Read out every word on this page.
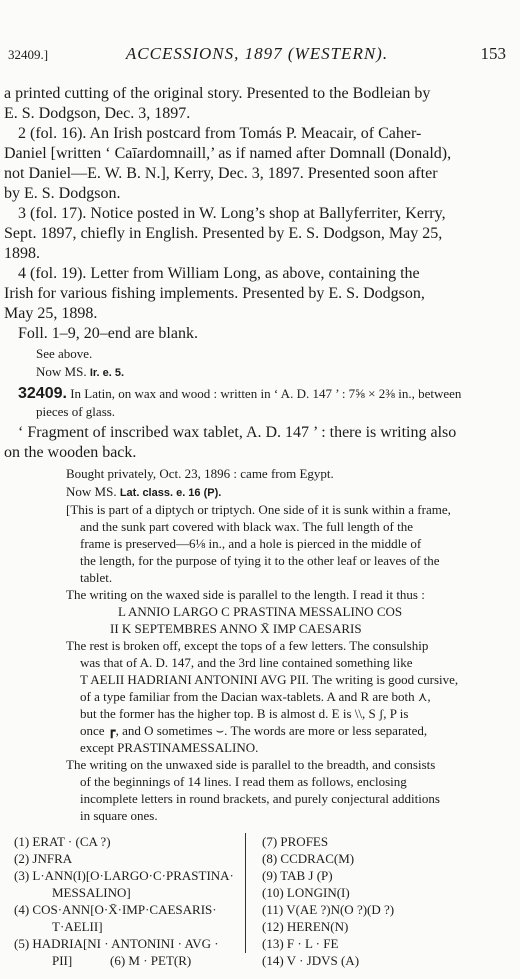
32409.]	ACCESSIONS, 1897 (WESTERN).	153
a printed cutting of the original story. Presented to the Bodleian by
E. S. Dodgson, Dec. 3, 1897.
2 (fol. 16). An Irish postcard from Tomás P. Meacair, of Caher-
Daniel [written ‘ Caīardomnaill,’ as if named after Domnall (Donald),
not Daniel—E. W. B. N.], Kerry, Dec. 3, 1897. Presented soon after
by E. S. Dodgson.
3 (fol. 17). Notice posted in W. Long’s shop at Ballyferriter, Kerry,
Sept. 1897, chiefly in English. Presented by E. S. Dodgson, May 25,
1898.
4 (fol. 19). Letter from William Long, as above, containing the
Irish for various fishing implements. Presented by E. S. Dodgson,
May 25, 1898.
Foll. 1–9, 20–end are blank.
See above.
Now MS. Ir. e. 5.
32409. In Latin, on wax and wood : written in ‘ A. D. 147 ’ : 7⅝ × 2⅜ in., between
pieces of glass.
‘ Fragment of inscribed wax tablet, A. D. 147 ’ : there is writing also
on the wooden back.
Bought privately, Oct. 23, 1896 : came from Egypt.
Now MS. Lat. class. e. 16 (P).
[This is part of a diptych or triptych. One side of it is sunk within a frame,
and the sunk part covered with black wax. The full length of the
frame is preserved—6⅛ in., and a hole is pierced in the middle of
the length, for the purpose of tying it to the other leaf or leaves of the
tablet.
The writing on the waxed side is parallel to the length. I read it thus :
L ANNIO LARGO C PRASTINA MESSALINO COS
II K SEPTEMBRES ANNO X̄ IMP CAESARIS
The rest is broken off, except the tops of a few letters. The consulship
was that of A. D. 147, and the 3rd line contained something like
T AELII HADRIANI ANTONINI AVG PII. The writing is good cursive,
of a type familiar from the Dacian wax-tablets. A and R are both ⋏,
but the former has the higher top. B is almost d. E is \\, S ʃ, P is
once ┏, and O sometimes ⌣. The words are more or less separated,
except PRASTINAMESSALINO.
The writing on the unwaxed side is parallel to the breadth, and consists
of the beginnings of 14 lines. I read them as follows, enclosing
incomplete letters in round brackets, and purely conjectural additions
in square ones.
(1) ERAT · (CA ?)
(2) JNFRA
(3) L·ANN(I)[O·LARGO·C·PRASTINA·
MESSALINO]
(4) COS·ANN[O·X̄·IMP·CAESARIS·
T·AELII]
(5) HADRIA[NI · ANTONINI · AVG ·
(7) PROFES
(8) CCDRAC(M)
(9) TAB J (P)
(10) LONGIN(I)
(11) V(AE ?)N(O ?)(D ?)
(12) HEREN(N)
(13) F · L · FE
(14) V · JDVS (A)
PII]	(6) M · PET(R)
